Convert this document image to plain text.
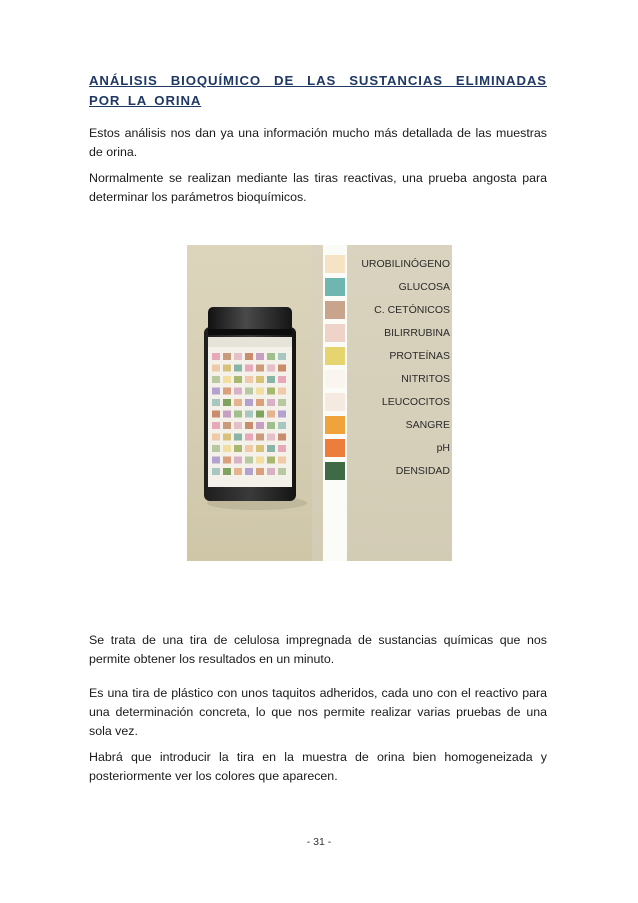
ANÁLISIS BIOQUÍMICO DE LAS SUSTANCIAS ELIMINADAS POR LA ORINA

Estos análisis nos dan ya una información mucho más detallada de las muestras de orina.

Normalmente se realizan mediante las tiras reactivas, una prueba angosta para determinar los parámetros bioquímicos.

UROBILINÓGENO
GLUCOSA
C. CETÓNICOS
BILIRRUBINA
PROTEÍNAS
NITRITOS
LEUCOCITOS
SANGRE
pH
DENSIDAD

Se trata de una tira de celulosa impregnada de sustancias químicas que nos permite obtener los resultados en un minuto.

Es una tira de plástico con unos taquitos adheridos, cada uno con el reactivo para una determinación concreta, lo que nos permite realizar varias pruebas de una sola vez.

Habrá que introducir la tira en la muestra de orina bien homogeneizada y posteriormente ver los colores que aparecen.

- 31 -
